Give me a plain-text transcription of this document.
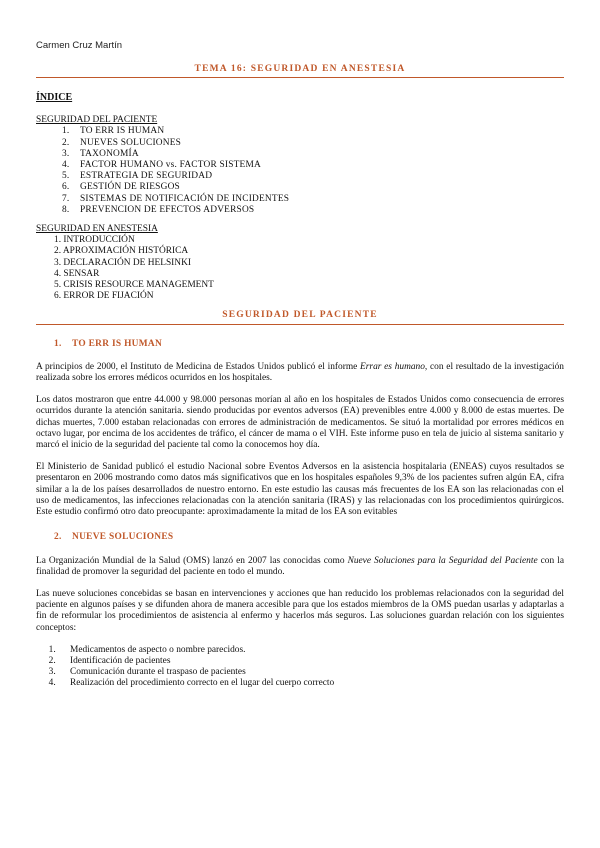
Carmen Cruz Martín
TEMA 16: SEGURIDAD EN ANESTESIA
ÍNDICE
SEGURIDAD DEL PACIENTE
1. TO ERR IS HUMAN
2. NUEVES SOLUCIONES
3. TAXONOMÍA
4. FACTOR HUMANO vs. FACTOR SISTEMA
5. ESTRATEGIA DE SEGURIDAD
6. GESTIÓN DE RIESGOS
7. SISTEMAS DE NOTIFICACIÓN DE INCIDENTES
8. PREVENCION DE EFECTOS ADVERSOS
SEGURIDAD EN ANESTESIA
1. INTRODUCCIÓN
2. APROXIMACIÓN HISTÓRICA
3. DECLARACIÓN DE HELSINKI
4. SENSAR
5. CRISIS RESOURCE MANAGEMENT
6. ERROR DE FIJACIÓN
SEGURIDAD DEL PACIENTE
1. TO ERR IS HUMAN

A principios de 2000, el Instituto de Medicina de Estados Unidos publicó el informe Errar es humano, con el resultado de la investigación realizada sobre los errores médicos ocurridos en los hospitales.

Los datos mostraron que entre 44.000 y 98.000 personas morían al año en los hospitales de Estados Unidos como consecuencia de errores ocurridos durante la atención sanitaria. siendo producidas por eventos adversos (EA) prevenibles entre 4.000 y 8.000 de estas muertes. De dichas muertes, 7.000 estaban relacionadas con errores de administración de medicamentos. Se situó la mortalidad por errores médicos en octavo lugar, por encima de los accidentes de tráfico, el cáncer de mama o el VIH. Este informe puso en tela de juicio al sistema sanitario y marcó el inicio de la seguridad del paciente tal como la conocemos hoy día.

El Ministerio de Sanidad publicó el estudio Nacional sobre Eventos Adversos en la asistencia hospitalaria (ENEAS) cuyos resultados se presentaron en 2006 mostrando como datos más significativos que en los hospitales españoles 9,3% de los pacientes sufren algún EA, cifra similar a la de los países desarrollados de nuestro entorno. En este estudio las causas más frecuentes de los EA son las relacionadas con el uso de medicamentos, las infecciones relacionadas con la atención sanitaria (IRAS) y las relacionadas con los procedimientos quirúrgicos. Este estudio confirmó otro dato preocupante: aproximadamente la mitad de los EA son evitables

2. NUEVE SOLUCIONES

La Organización Mundial de la Salud (OMS) lanzó en 2007 las conocidas como Nueve Soluciones para la Seguridad del Paciente con la finalidad de promover la seguridad del paciente en todo el mundo.

Las nueve soluciones concebidas se basan en intervenciones y acciones que han reducido los problemas relacionados con la seguridad del paciente en algunos países y se difunden ahora de manera accesible para que los estados miembros de la OMS puedan usarlas y adaptarlas a fin de reformular los procedimientos de asistencia al enfermo y hacerlos más seguros. Las soluciones guardan relación con los siguientes conceptos:

1. Medicamentos de aspecto o nombre parecidos.
2. Identificación de pacientes
3. Comunicación durante el traspaso de pacientes
4. Realización del procedimiento correcto en el lugar del cuerpo correcto
